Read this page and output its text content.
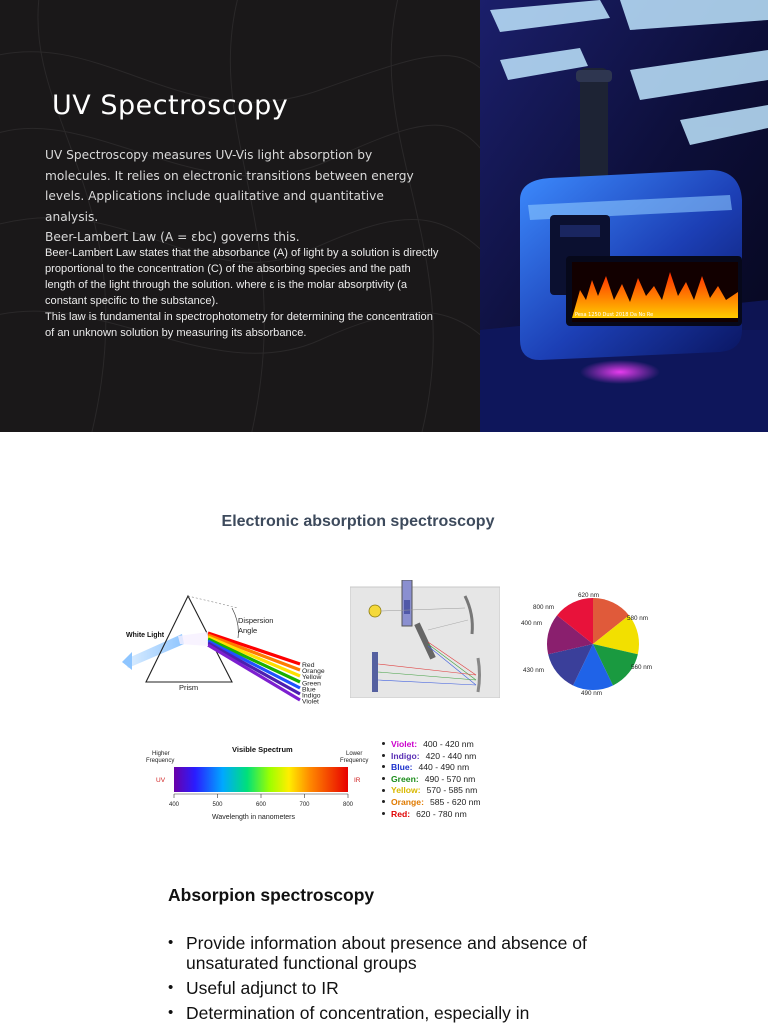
UV Spectroscopy
UV Spectroscopy measures UV-Vis light absorption by molecules. It relies on electronic transitions between energy levels. Applications include qualitative and quantitative analysis.
Beer-Lambert Law (A = εbc) governs this.
Beer-Lambert Law states that the absorbance (A) of light by a solution is directly proportional to the concentration (C) of the absorbing species and the path length of the light through the solution. where ε is the molar absorptivity (a constant specific to the substance).
This law is fundamental in spectrophotometry for determining the concentration of an unknown solution by measuring its absorbance.
Pesa 1250 Dust 2018 Da No Re
Electronic absorption spectroscopy
White Light
Dispersion
Angle
Prism
Red
Orange
Yellow
Green
Blue
Indigo
Violet
620 nm
580 nm
560 nm
490 nm
430 nm
400 nm
800 nm
Visible Spectrum
Higher
Frequency
Lower
Frequency
UV	IR
400	500	600	700	800
Wavelength in nanometers
Violet: 400 - 420 nm
Indigo: 420 - 440 nm
Blue: 440 - 490 nm
Green: 490 - 570 nm
Yellow: 570 - 585 nm
Orange: 585 - 620 nm
Red: 620 - 780 nm
Absorpion spectroscopy
• Provide information about presence and absence of unsaturated functional groups
• Useful adjunct to IR
• Determination of concentration, especially in
